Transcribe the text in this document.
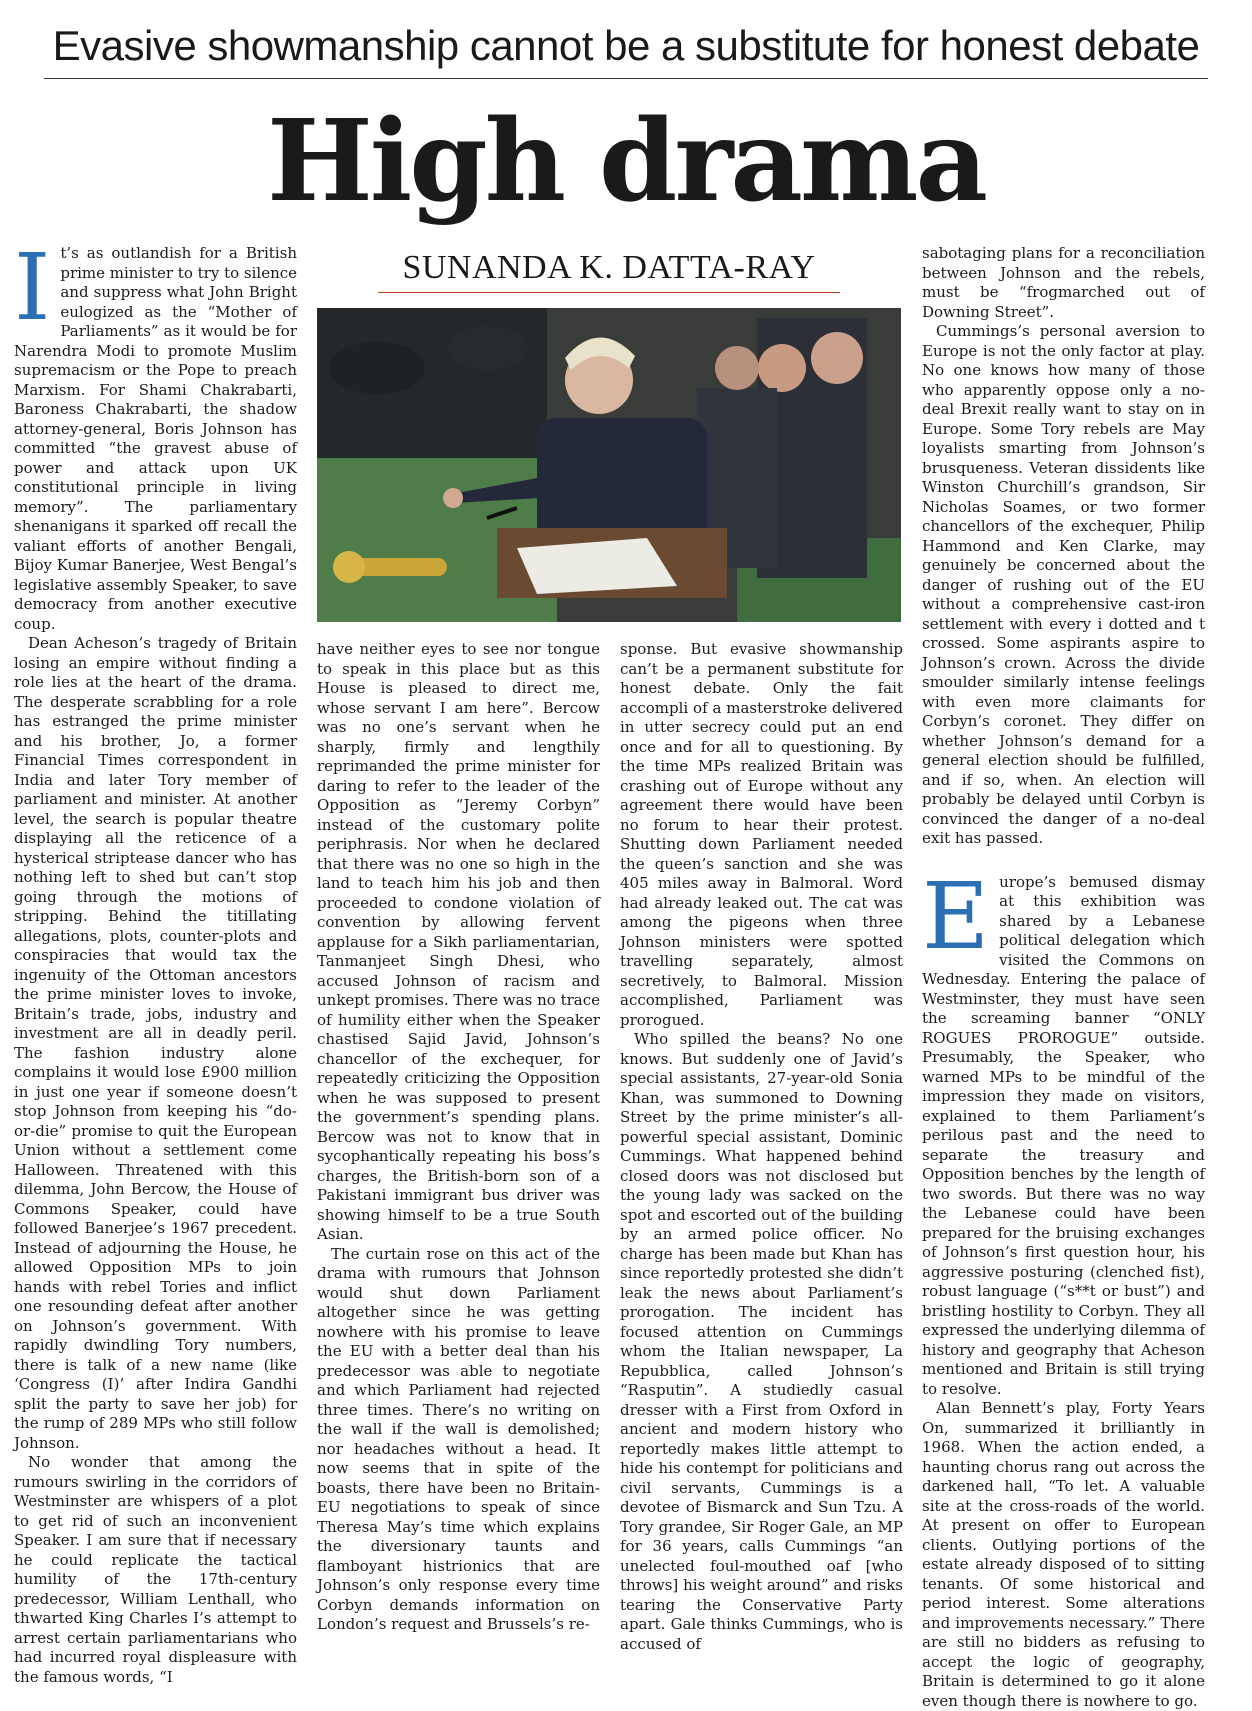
Evasive showmanship cannot be a substitute for honest debate
High drama

It’s as outlandish for a British prime minister to try to silence and suppress what John Bright eulogized as the “Mother of Parliaments” as it would be for Narendra Modi to promote Muslim supremacism or the Pope to preach Marxism. For Shami Chakrabarti, Baroness Chakrabarti, the shadow attorney-general, Boris Johnson has committed “the gravest abuse of power and attack upon UK constitutional principle in living memory”. The parliamentary shenanigans it sparked off recall the valiant efforts of another Bengali, Bijoy Kumar Banerjee, West Bengal’s legislative assembly Speaker, to save democracy from another executive coup.

Dean Acheson’s tragedy of Britain losing an empire without finding a role lies at the heart of the drama. The desperate scrabbling for a role has estranged the prime minister and his brother, Jo, a former Financial Times correspondent in India and later Tory member of parliament and minister. At another level, the search is popular theatre displaying all the reticence of a hysterical striptease dancer who has nothing left to shed but can’t stop going through the motions of stripping. Behind the titillating allegations, plots, counter-plots and conspiracies that would tax the ingenuity of the Ottoman ancestors the prime minister loves to invoke, Britain’s trade, jobs, industry and investment are all in deadly peril. The fashion industry alone complains it would lose £900 million in just one year if someone doesn’t stop Johnson from keeping his “do-or-die” promise to quit the European Union without a settlement come Halloween. Threatened with this dilemma, John Bercow, the House of Commons Speaker, could have followed Banerjee’s 1967 precedent. Instead of adjourning the House, he allowed Opposition MPs to join hands with rebel Tories and inflict one resounding defeat after another on Johnson’s government. With rapidly dwindling Tory numbers, there is talk of a new name (like ‘Congress (I)’ after Indira Gandhi split the party to save her job) for the rump of 289 MPs who still follow Johnson.

No wonder that among the rumours swirling in the corridors of Westminster are whispers of a plot to get rid of such an inconvenient Speaker. I am sure that if necessary he could replicate the tactical humility of the 17th-century predecessor, William Lenthall, who thwarted King Charles I’s attempt to arrest certain parliamentarians who had incurred royal displeasure with the famous words, “I

SUNANDA K. DATTA-RAY

have neither eyes to see nor tongue to speak in this place but as this House is pleased to direct me, whose servant I am here”. Bercow was no one’s servant when he sharply, firmly and lengthily reprimanded the prime minister for daring to refer to the leader of the Opposition as “Jeremy Corbyn” instead of the customary polite periphrasis. Nor when he declared that there was no one so high in the land to teach him his job and then proceeded to condone violation of convention by allowing fervent applause for a Sikh parliamentarian, Tanmanjeet Singh Dhesi, who accused Johnson of racism and unkept promises. There was no trace of humility either when the Speaker chastised Sajid Javid, Johnson’s chancellor of the exchequer, for repeatedly criticizing the Opposition when he was supposed to present the government’s spending plans. Bercow was not to know that in sycophantically repeating his boss’s charges, the British-born son of a Pakistani immigrant bus driver was showing himself to be a true South Asian.

The curtain rose on this act of the drama with rumours that Johnson would shut down Parliament altogether since he was getting nowhere with his promise to leave the EU with a better deal than his predecessor was able to negotiate and which Parliament had rejected three times. There’s no writing on the wall if the wall is demolished; nor headaches without a head. It now seems that in spite of the boasts, there have been no Britain-EU negotiations to speak of since Theresa May’s time which explains the diversionary taunts and flamboyant histrionics that are Johnson’s only response every time Corbyn demands information on London’s request and Brussels’s re-

sponse. But evasive showmanship can’t be a permanent substitute for honest debate. Only the fait accompli of a masterstroke delivered in utter secrecy could put an end once and for all to questioning. By the time MPs realized Britain was crashing out of Europe without any agreement there would have been no forum to hear their protest. Shutting down Parliament needed the queen’s sanction and she was 405 miles away in Balmoral. Word had already leaked out. The cat was among the pigeons when three Johnson ministers were spotted travelling separately, almost secretively, to Balmoral. Mission accomplished, Parliament was prorogued.

Who spilled the beans? No one knows. But suddenly one of Javid’s special assistants, 27-year-old Sonia Khan, was summoned to Downing Street by the prime minister’s all-powerful special assistant, Dominic Cummings. What happened behind closed doors was not disclosed but the young lady was sacked on the spot and escorted out of the building by an armed police officer. No charge has been made but Khan has since reportedly protested she didn’t leak the news about Parliament’s prorogation. The incident has focused attention on Cummings whom the Italian newspaper, La Repubblica, called Johnson’s “Rasputin”. A studiedly casual dresser with a First from Oxford in ancient and modern history who reportedly makes little attempt to hide his contempt for politicians and civil servants, Cummings is a devotee of Bismarck and Sun Tzu. A Tory grandee, Sir Roger Gale, an MP for 36 years, calls Cummings “an unelected foul-mouthed oaf [who throws] his weight around” and risks tearing the Conservative Party apart. Gale thinks Cummings, who is accused of

sabotaging plans for a reconciliation between Johnson and the rebels, must be “frogmarched out of Downing Street”.

Cummings’s personal aversion to Europe is not the only factor at play. No one knows how many of those who apparently oppose only a no-deal Brexit really want to stay on in Europe. Some Tory rebels are May loyalists smarting from Johnson’s brusqueness. Veteran dissidents like Winston Churchill’s grandson, Sir Nicholas Soames, or two former chancellors of the exchequer, Philip Hammond and Ken Clarke, may genuinely be concerned about the danger of rushing out of the EU without a comprehensive cast-iron settlement with every i dotted and t crossed. Some aspirants aspire to Johnson’s crown. Across the divide smoulder similarly intense feelings with even more claimants for Corbyn’s coronet. They differ on whether Johnson’s demand for a general election should be fulfilled, and if so, when. An election will probably be delayed until Corbyn is convinced the danger of a no-deal exit has passed.

Europe’s bemused dismay at this exhibition was shared by a Lebanese political delegation which visited the Commons on Wednesday. Entering the palace of Westminster, they must have seen the screaming banner “ONLY ROGUES PROROGUE” outside. Presumably, the Speaker, who warned MPs to be mindful of the impression they made on visitors, explained to them Parliament’s perilous past and the need to separate the treasury and Opposition benches by the length of two swords. But there was no way the Lebanese could have been prepared for the bruising exchanges of Johnson’s first question hour, his aggressive posturing (clenched fist), robust language (“s**t or bust”) and bristling hostility to Corbyn. They all expressed the underlying dilemma of history and geography that Acheson mentioned and Britain is still trying to resolve.

Alan Bennett’s play, Forty Years On, summarized it brilliantly in 1968. When the action ended, a haunting chorus rang out across the darkened hall, “To let. A valuable site at the cross-roads of the world. At present on offer to European clients. Outlying portions of the estate already disposed of to sitting tenants. Of some historical and period interest. Some alterations and improvements necessary.” There are still no bidders as refusing to accept the logic of geography, Britain is determined to go it alone even though there is nowhere to go.
